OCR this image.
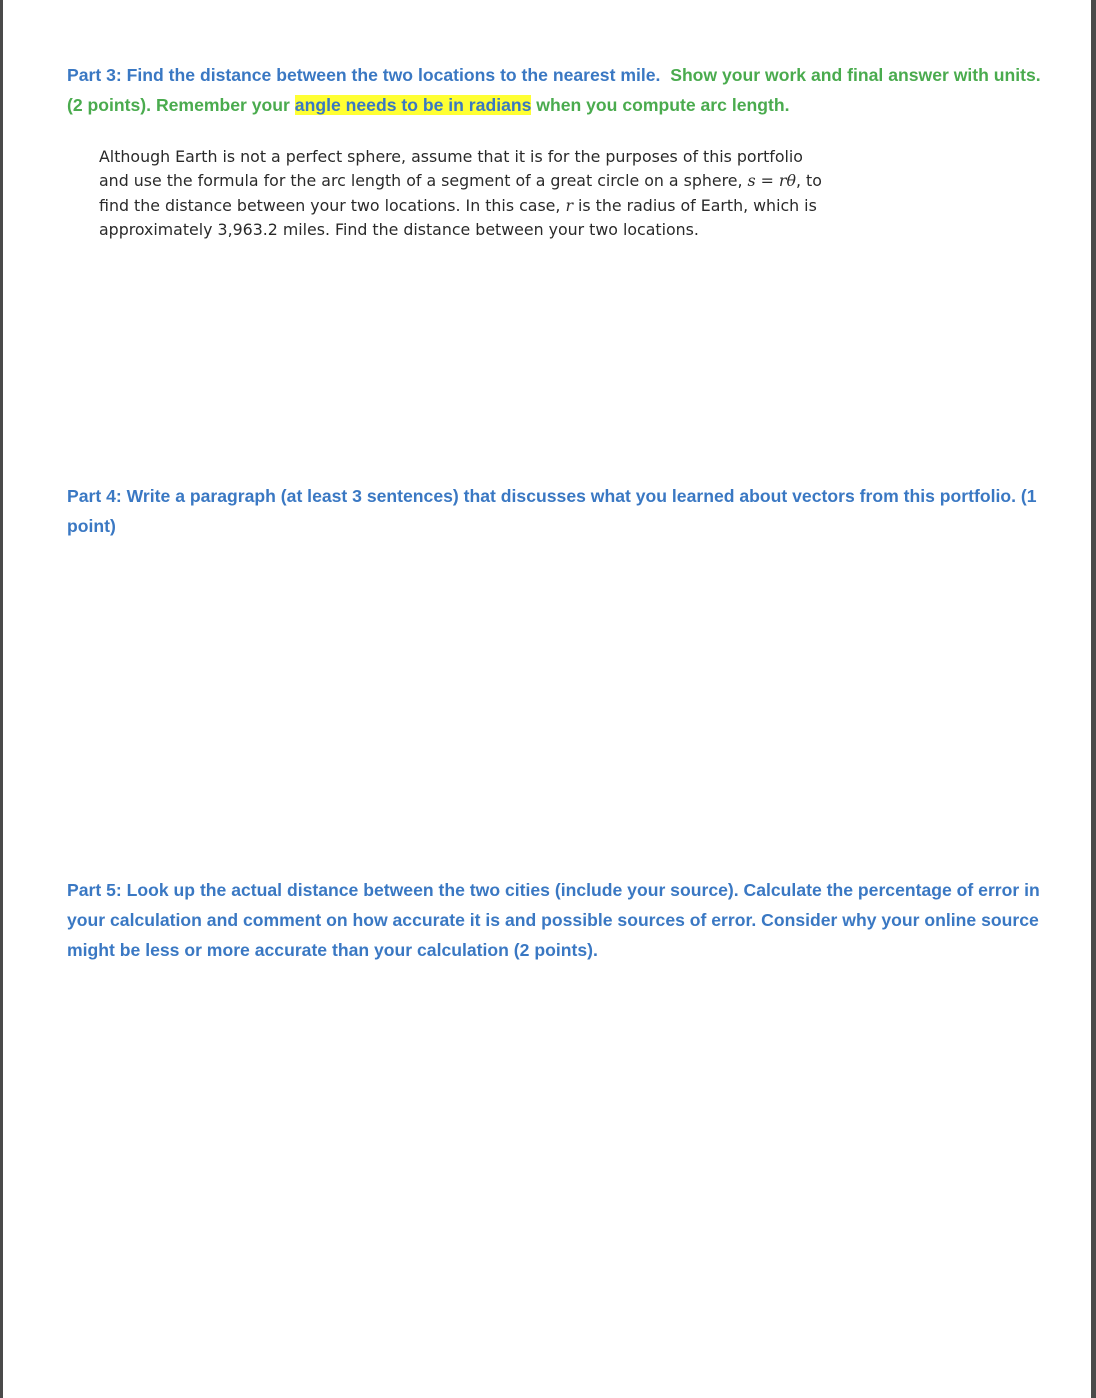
Part 3: Find the distance between the two locations to the nearest mile. Show your work and final answer with units. (2 points). Remember your angle needs to be in radians when you compute arc length.

Although Earth is not a perfect sphere, assume that it is for the purposes of this portfolio and use the formula for the arc length of a segment of a great circle on a sphere, s = rθ, to find the distance between your two locations. In this case, r is the radius of Earth, which is approximately 3,963.2 miles. Find the distance between your two locations.

Part 4: Write a paragraph (at least 3 sentences) that discusses what you learned about vectors from this portfolio. (1 point)

Part 5: Look up the actual distance between the two cities (include your source). Calculate the percentage of error in your calculation and comment on how accurate it is and possible sources of error. Consider why your online source might be less or more accurate than your calculation (2 points).
